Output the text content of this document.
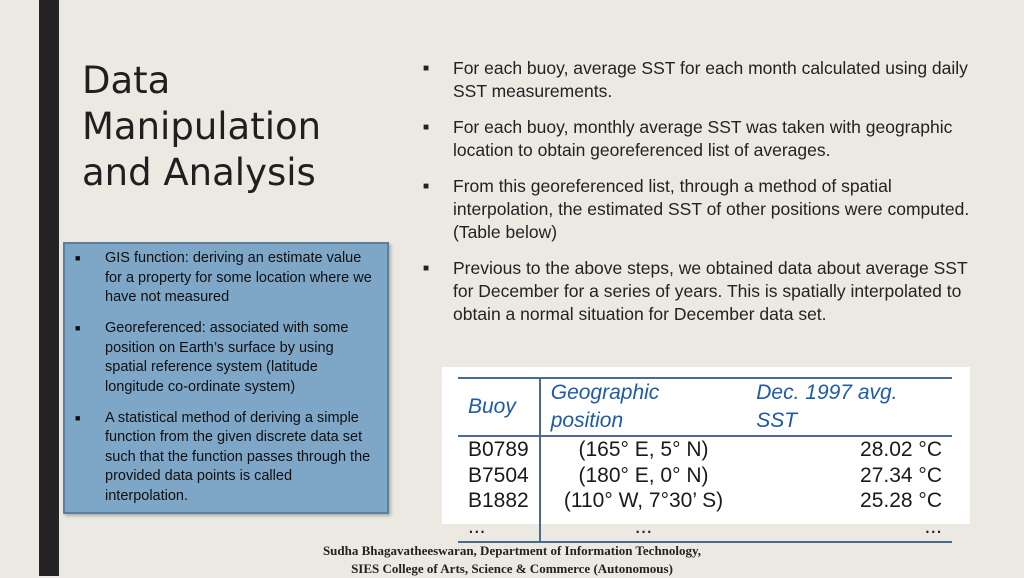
Data
Manipulation
and Analysis
■ GIS function: deriving an estimate value for a property for some location where we have not measured
■ Georeferenced: associated with some position on Earth’s surface by using spatial reference system (latitude longitude co-ordinate system)
■ A statistical method of deriving a simple function from the given discrete data set such that the function passes through the provided data points is called interpolation.
■ For each buoy, average SST for each month calculated using daily SST measurements.
■ For each buoy, monthly average SST was taken with geographic location to obtain georeferenced list of averages.
■ From this georeferenced list, through a method of spatial interpolation, the estimated SST of other positions were computed. (Table below)
■ Previous to the above steps, we obtained data about average SST for December for a series of years. This is spatially interpolated to obtain a normal situation for December data set.
Buoy	Geographic position	Dec. 1997 avg. SST
B0789	(165° E, 5° N)	28.02 °C
B7504	(180° E, 0° N)	27.34 °C
B1882	(110° W, 7°30’ S)	25.28 °C
...	...	...
Sudha Bhagavatheeswaran, Department of Information Technology,
SIES College of Arts, Science & Commerce (Autonomous)
